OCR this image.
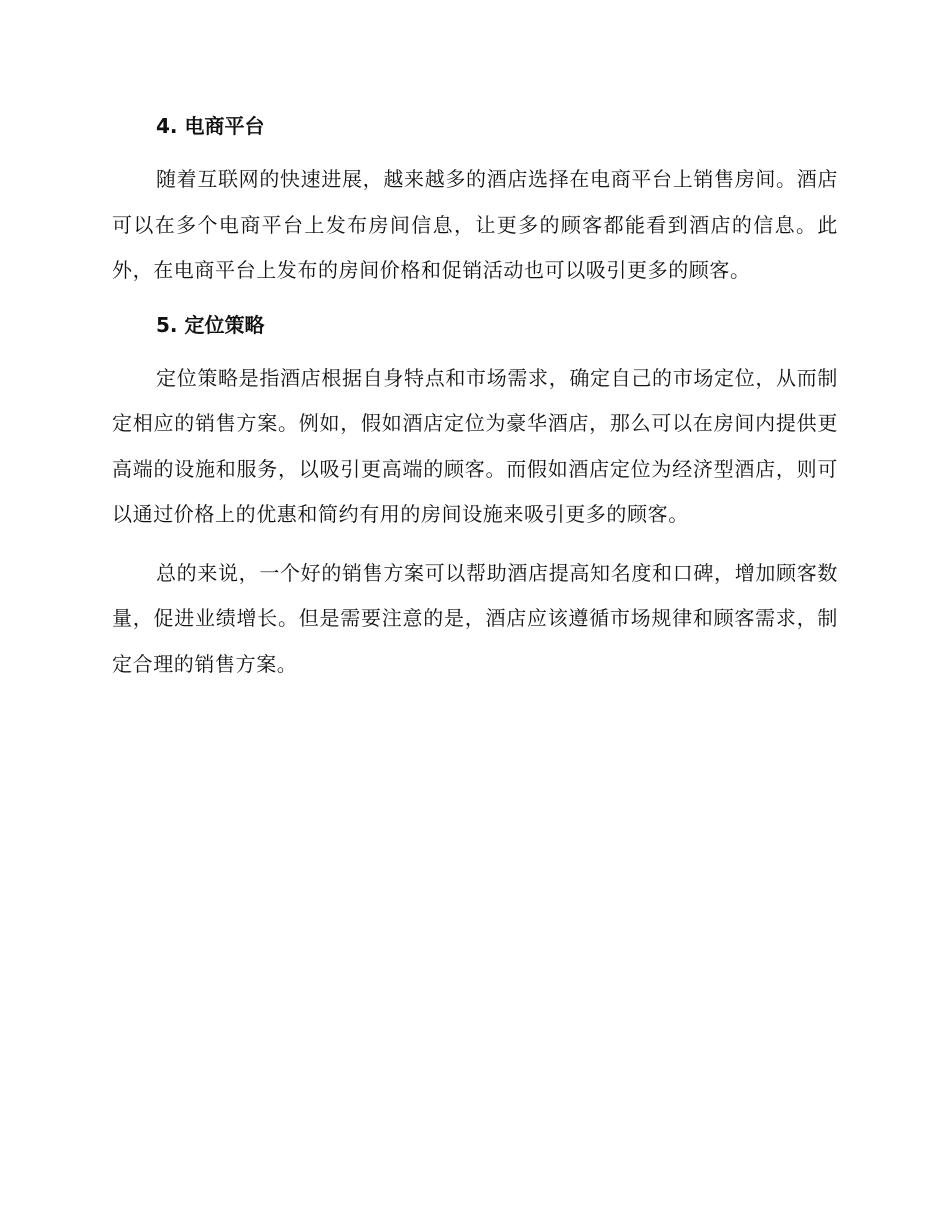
4. 电商平台

随着互联网的快速进展，越来越多的酒店选择在电商平台上销售房间。酒店可以在多个电商平台上发布房间信息，让更多的顾客都能看到酒店的信息。此外，在电商平台上发布的房间价格和促销活动也可以吸引更多的顾客。

5. 定位策略

定位策略是指酒店根据自身特点和市场需求，确定自己的市场定位，从而制定相应的销售方案。例如，假如酒店定位为豪华酒店，那么可以在房间内提供更高端的设施和服务，以吸引更高端的顾客。而假如酒店定位为经济型酒店，则可以通过价格上的优惠和简约有用的房间设施来吸引更多的顾客。

总的来说，一个好的销售方案可以帮助酒店提高知名度和口碑，增加顾客数量，促进业绩增长。但是需要注意的是，酒店应该遵循市场规律和顾客需求，制定合理的销售方案。
